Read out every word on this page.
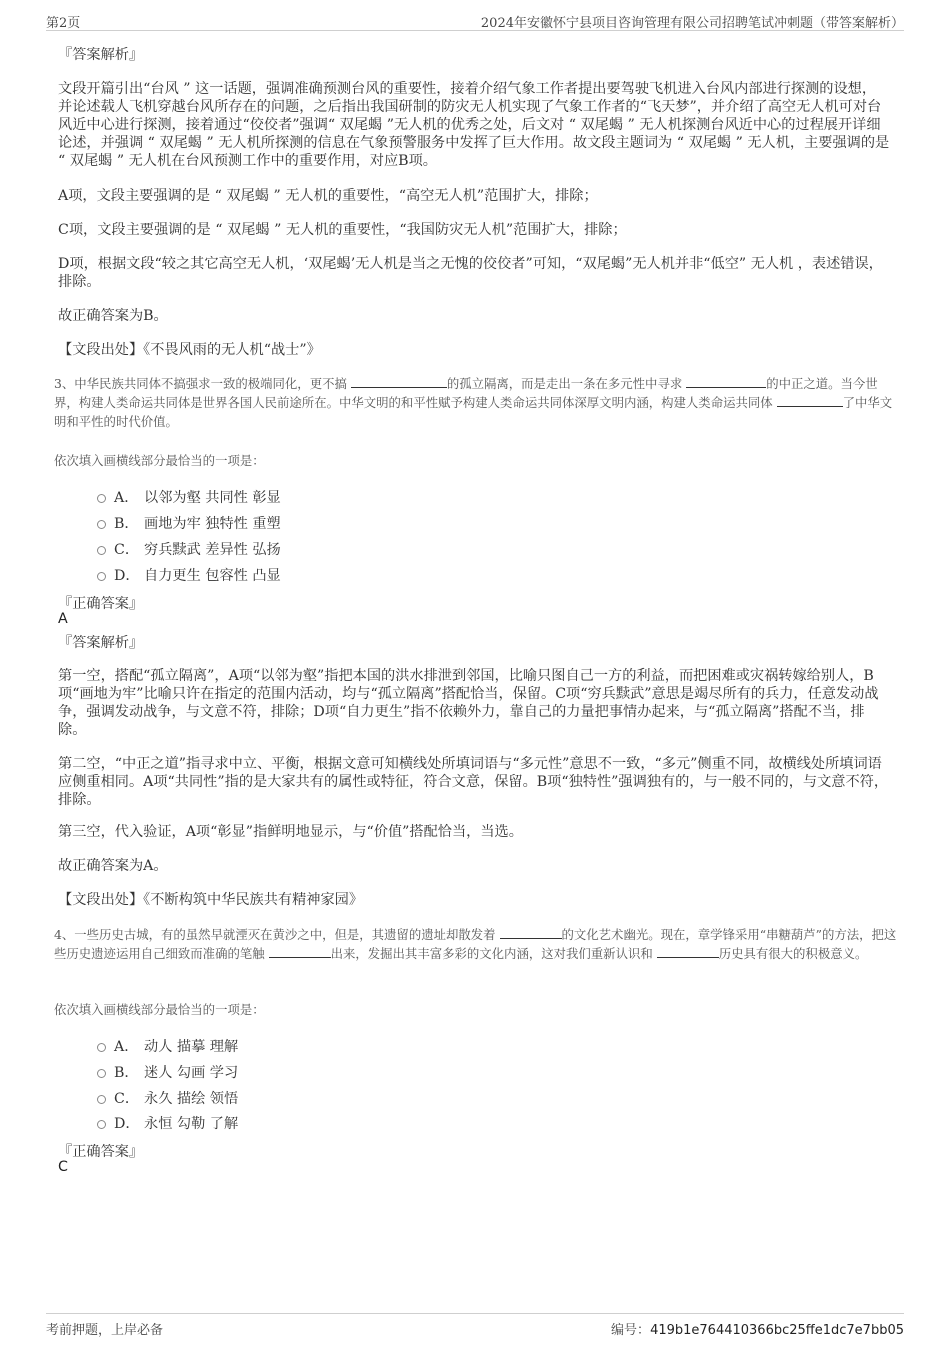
第2页	2024年安徽怀宁县项目咨询管理有限公司招聘笔试冲刺题（带答案解析）
『答案解析』
文段开篇引出“台风 ” 这一话题，强调准确预测台风的重要性，接着介绍气象工作者提出要驾驶飞机进入台风内部进行探测的设想，并论述载人飞机穿越台风所存在的问题，之后指出我国研制的防灾无人机实现了气象工作者的“飞天梦”，并介绍了高空无人机可对台风近中心进行探测，接着通过“佼佼者”强调“ 双尾蝎 ”无人机的优秀之处，后文对 “ 双尾蝎 ” 无人机探测台风近中心的过程展开详细论述，并强调 “ 双尾蝎 ” 无人机所探测的信息在气象预警服务中发挥了巨大作用。故文段主题词为 “ 双尾蝎 ” 无人机，主要强调的是 “ 双尾蝎 ” 无人机在台风预测工作中的重要作用，对应B项。
A项，文段主要强调的是 “ 双尾蝎 ” 无人机的重要性，“高空无人机”范围扩大，排除；
C项，文段主要强调的是 “ 双尾蝎 ” 无人机的重要性，“我国防灾无人机”范围扩大，排除；
D项，根据文段“较之其它高空无人机，‘双尾蝎’无人机是当之无愧的佼佼者”可知，“双尾蝎”无人机并非“低空” 无人机 ，表述错误，排除。
故正确答案为B。
【文段出处】《不畏风雨的无人机“战士”》
3、中华民族共同体不搞强求一致的极端同化，更不搞	的孤立隔离，而是走出一条在多元性中寻求	的中正之道。当今世界，构建人类命运共同体是世界各国人民前途所在。中华文明的和平性赋予构建人类命运共同体深厚文明内涵，构建人类命运共同体	了中华文明和平性的时代价值。
依次填入画横线部分最恰当的一项是：
A． 以邻为壑 共同性 彰显
B． 画地为牢 独特性 重塑
C． 穷兵黩武 差异性 弘扬
D． 自力更生 包容性 凸显
『正确答案』
A
『答案解析』
第一空，搭配“孤立隔离”，A项“以邻为壑”指把本国的洪水排泄到邻国，比喻只图自己一方的利益，而把困难或灾祸转嫁给别人，B项“画地为牢”比喻只许在指定的范围内活动，均与“孤立隔离”搭配恰当，保留。C项“穷兵黩武”意思是竭尽所有的兵力，任意发动战争，强调发动战争，与文意不符，排除；D项“自力更生”指不依赖外力，靠自己的力量把事情办起来，与“孤立隔离”搭配不当，排除。
第二空，“中正之道”指寻求中立、平衡，根据文意可知横线处所填词语与“多元性”意思不一致，“多元”侧重不同，故横线处所填词语应侧重相同。A项“共同性”指的是大家共有的属性或特征，符合文意，保留。B项“独特性”强调独有的，与一般不同的，与文意不符，排除。
第三空，代入验证，A项“彰显”指鲜明地显示，与“价值”搭配恰当，当选。
故正确答案为A。
【文段出处】《不断构筑中华民族共有精神家园》
4、一些历史古城，有的虽然早就湮灭在黄沙之中，但是，其遗留的遗址却散发着	的文化艺术幽光。现在，章学锋采用“串糖葫芦”的方法，把这些历史遗迹运用自己细致而准确的笔触	出来，发掘出其丰富多彩的文化内涵，这对我们重新认识和	历史具有很大的积极意义。
依次填入画横线部分最恰当的一项是：
A． 动人 描摹 理解
B． 迷人 勾画 学习
C． 永久 描绘 领悟
D． 永恒 勾勒 了解
『正确答案』
C
考前押题，上岸必备	编号：419b1e764410366bc25ffe1dc7e7bb05
